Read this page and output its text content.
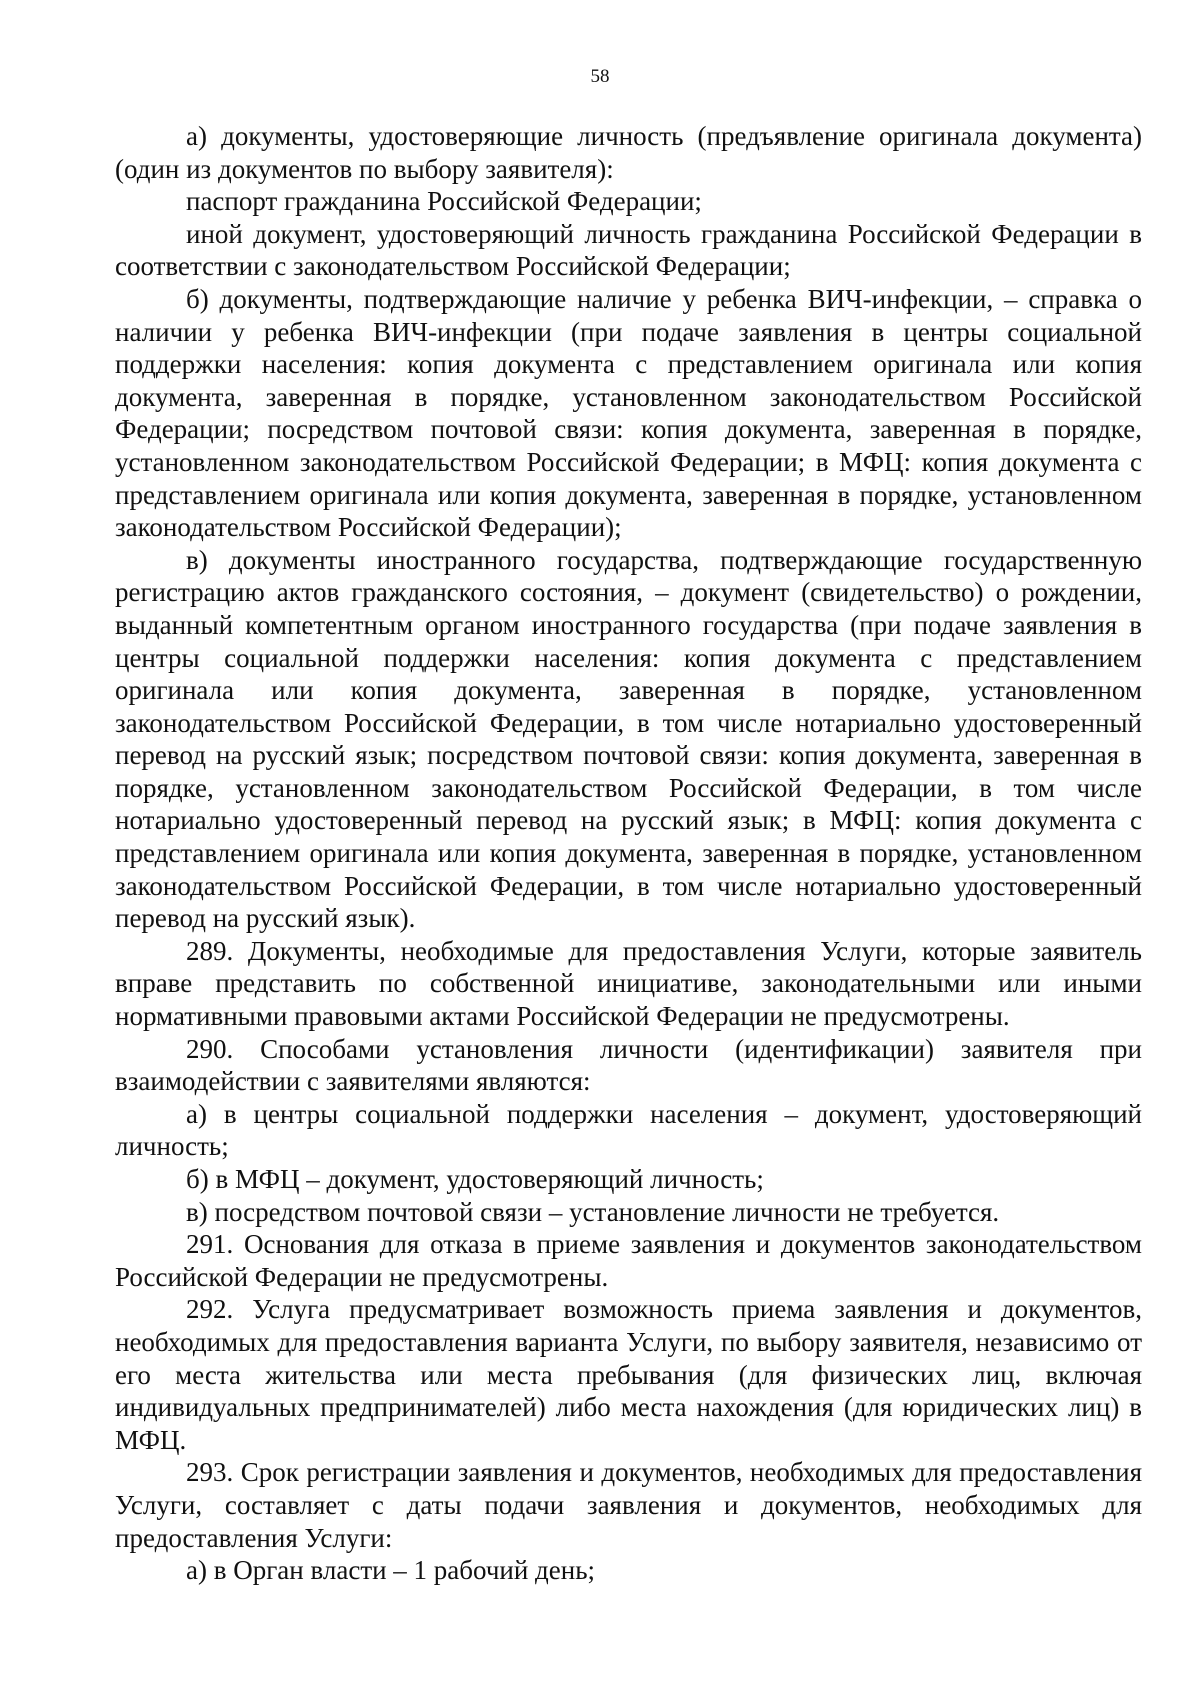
58

а) документы, удостоверяющие личность (предъявление оригинала документа) (один из документов по выбору заявителя):

паспорт гражданина Российской Федерации;

иной документ, удостоверяющий личность гражданина Российской Федерации в соответствии с законодательством Российской Федерации;

б) документы, подтверждающие наличие у ребенка ВИЧ-инфекции, – справка о наличии у ребенка ВИЧ-инфекции (при подаче заявления в центры социальной поддержки населения: копия документа с представлением оригинала или копия документа, заверенная в порядке, установленном законодательством Российской Федерации; посредством почтовой связи: копия документа, заверенная в порядке, установленном законодательством Российской Федерации; в МФЦ: копия документа с представлением оригинала или копия документа, заверенная в порядке, установленном законодательством Российской Федерации);

в) документы иностранного государства, подтверждающие государственную регистрацию актов гражданского состояния, – документ (свидетельство) о рождении, выданный компетентным органом иностранного государства (при подаче заявления в центры социальной поддержки населения: копия документа с представлением оригинала или копия документа, заверенная в порядке, установленном законодательством Российской Федерации, в том числе нотариально удостоверенный перевод на русский язык; посредством почтовой связи: копия документа, заверенная в порядке, установленном законодательством Российской Федерации, в том числе нотариально удостоверенный перевод на русский язык; в МФЦ: копия документа с представлением оригинала или копия документа, заверенная в порядке, установленном законодательством Российской Федерации, в том числе нотариально удостоверенный перевод на русский язык).

289. Документы, необходимые для предоставления Услуги, которые заявитель вправе представить по собственной инициативе, законодательными или иными нормативными правовыми актами Российской Федерации не предусмотрены.

290. Способами установления личности (идентификации) заявителя при взаимодействии с заявителями являются:

а) в центры социальной поддержки населения – документ, удостоверяющий личность;

б) в МФЦ – документ, удостоверяющий личность;

в) посредством почтовой связи – установление личности не требуется.

291. Основания для отказа в приеме заявления и документов законодательством Российской Федерации не предусмотрены.

292. Услуга предусматривает возможность приема заявления и документов, необходимых для предоставления варианта Услуги, по выбору заявителя, независимо от его места жительства или места пребывания (для физических лиц, включая индивидуальных предпринимателей) либо места нахождения (для юридических лиц) в МФЦ.

293. Срок регистрации заявления и документов, необходимых для предоставления Услуги, составляет с даты подачи заявления и документов, необходимых для предоставления Услуги:

а) в Орган власти – 1 рабочий день;
